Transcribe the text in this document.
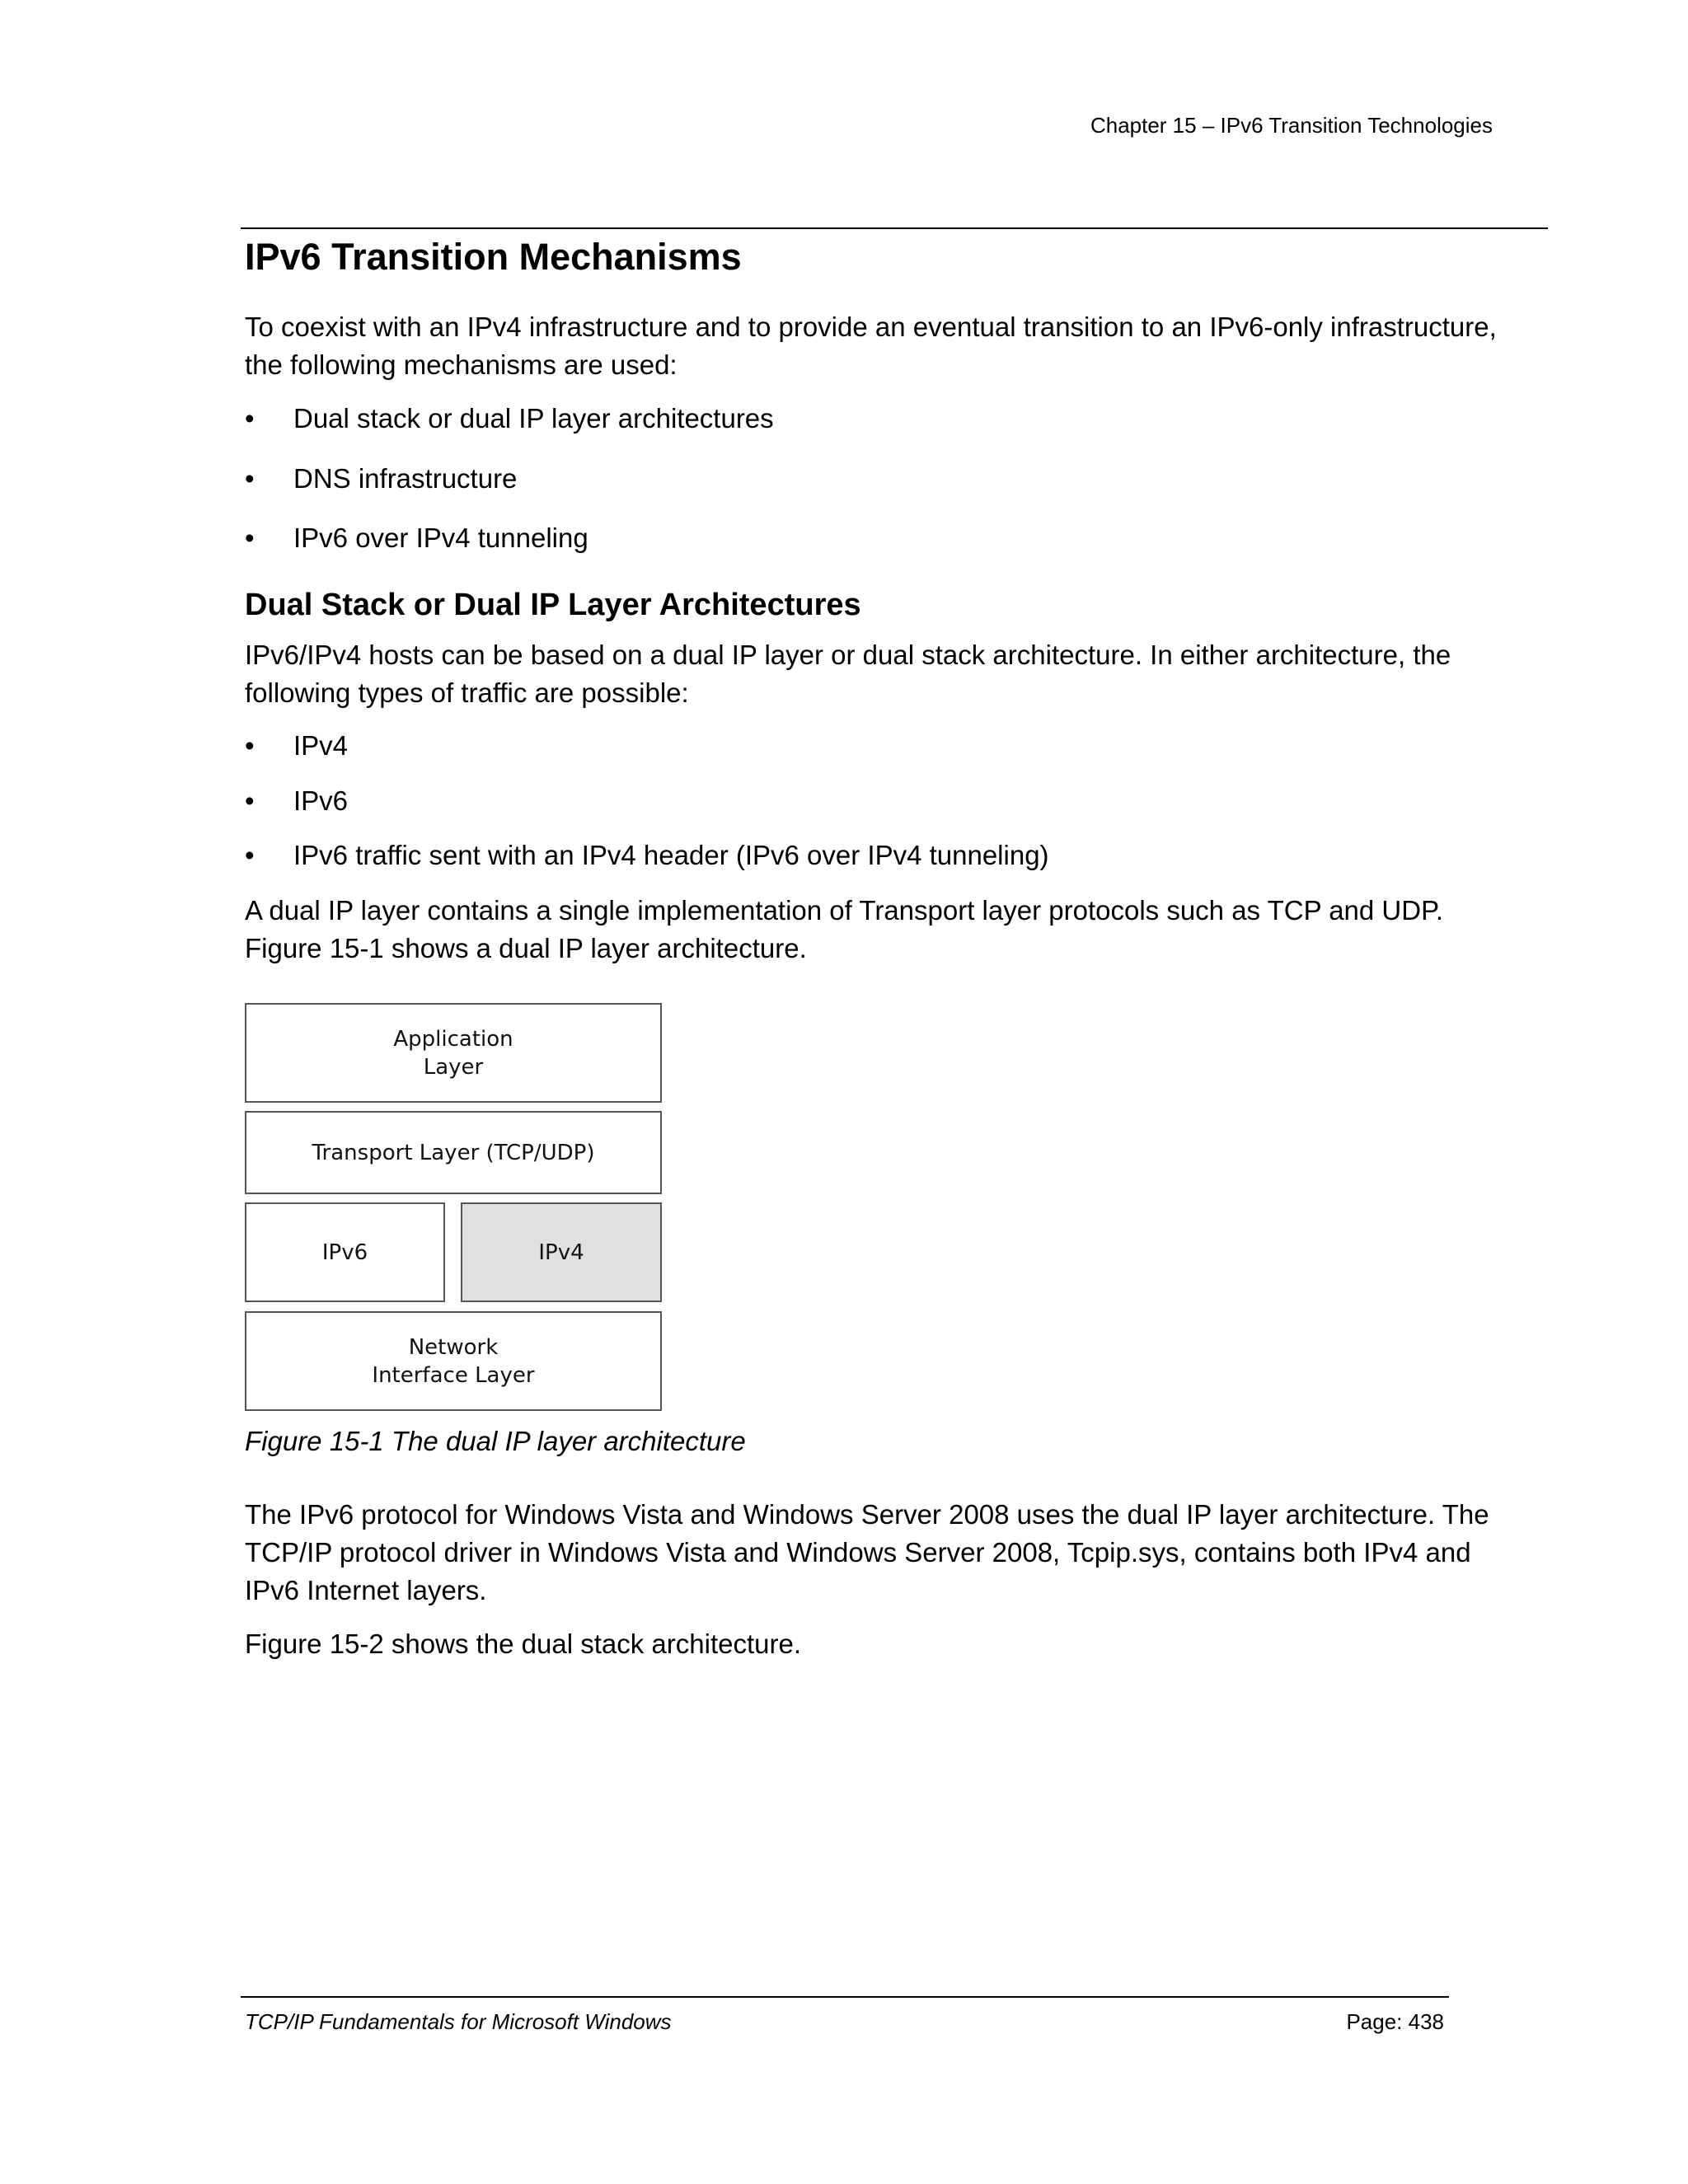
Chapter 15 – IPv6 Transition Technologies
IPv6 Transition Mechanisms
To coexist with an IPv4 infrastructure and to provide an eventual transition to an IPv6-only infrastructure, the following mechanisms are used:
•	Dual stack or dual IP layer architectures
•	DNS infrastructure
•	IPv6 over IPv4 tunneling
Dual Stack or Dual IP Layer Architectures
IPv6/IPv4 hosts can be based on a dual IP layer or dual stack architecture. In either architecture, the following types of traffic are possible:
•	IPv4
•	IPv6
•	IPv6 traffic sent with an IPv4 header (IPv6 over IPv4 tunneling)
A dual IP layer contains a single implementation of Transport layer protocols such as TCP and UDP. Figure 15-1 shows a dual IP layer architecture.
Application
Layer
Transport Layer (TCP/UDP)
IPv6	IPv4
Network
Interface Layer
Figure 15-1 The dual IP layer architecture
The IPv6 protocol for Windows Vista and Windows Server 2008 uses the dual IP layer architecture. The TCP/IP protocol driver in Windows Vista and Windows Server 2008, Tcpip.sys, contains both IPv4 and IPv6 Internet layers.
Figure 15-2 shows the dual stack architecture.
TCP/IP Fundamentals for Microsoft Windows	Page: 438
